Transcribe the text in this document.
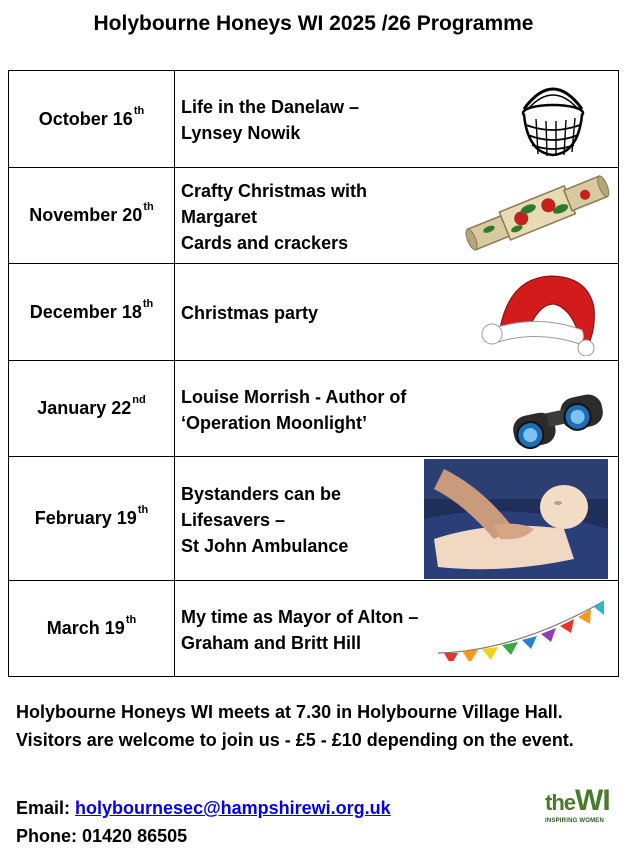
Holybourne Honeys WI 2025 /26 Programme
October 16th	Life in the Danelaw –
Lynsey Nowik

November 20th	Crafty Christmas with
Margaret
Cards and crackers

December 18th	Christmas party

January 22nd	Louise Morrish - Author of
‘Operation Moonlight’

February 19th	Bystanders can be
Lifesavers –
St John Ambulance

March 19th	My time as Mayor of Alton –
Graham and Britt Hill
Holybourne Honeys WI meets at 7.30 in Holybourne Village Hall. Visitors are welcome to join us - £5 - £10 depending on the event.
Email: holybournesec@hampshirewi.org.uk
Phone: 01420 86505
theWI
INSPIRING WOMEN
